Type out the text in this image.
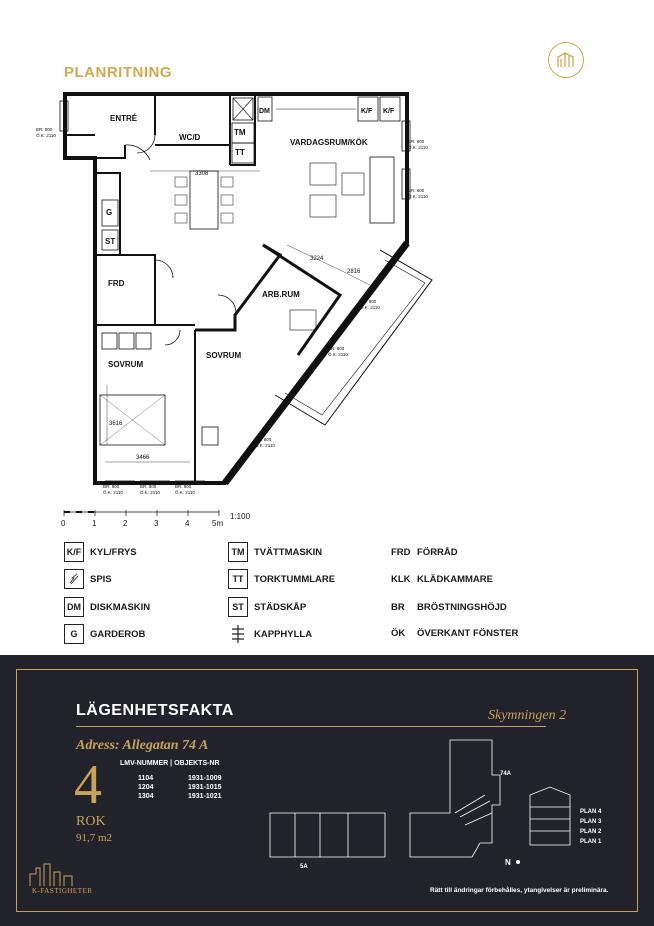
PLANRITNING
ENTRÉ
WC/D
VARDAGSRUM/KÖK
FRD
ARB.RUM
SOVRUM
SOVRUM
G
ST
TM
TT
DM	K/F K/F
3308
3224
2816
3466
3616
BR: 800
Ö.K: 2110
BR: 800
Ö.K: 2110
BR: 800
Ö.K: 2110
BR: 800
Ö.K: 2110
BR: 800
Ö.K: 2110
BR: 800
Ö.K: 2110
BR: 800
Ö.K: 2110
BR: 800
Ö.K: 2110
BR: 800
Ö.K: 2110
0	1	2	3	4	5m
1:100
K/F KYL/FRYS
SPIS
DM DISKMASKIN
G	GARDEROB
TM	TVÄTTMASKIN
TT	TORKTUMMLARE
ST	STÄDSKÅP
KAPPHYLLA
FRD FÖRRÅD
KLK KLÄDKAMMARE
BR	BRÖSTNINGSHÖJD
ÖK	ÖVERKANT FÖNSTER
LÄGENHETSFAKTA	Skymningen 2
Adress: Allegatan 74 A
4
ROK
91,7 m2
LMV-NUMMER | OBJEKTS-NR
1104	1931-1009
1204	1931-1015
1304	1931-1021
74A
5A	N
PLAN 4
PLAN 3
PLAN 2
PLAN 1
K-FASTIGHETER	Rätt till ändringar förbehålles, ytangivelser är preliminära.
